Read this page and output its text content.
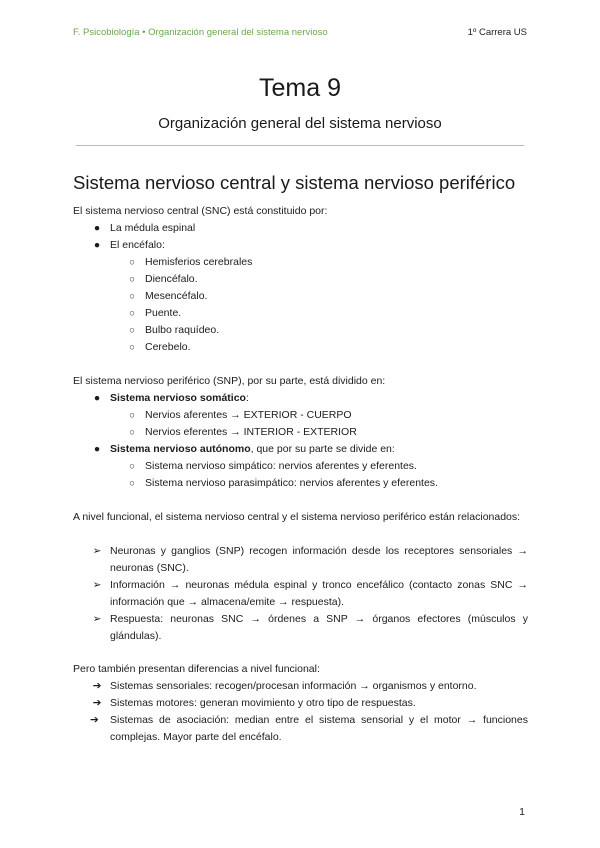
F. Psicobiología • Organización general del sistema nervioso	1º Carrera US
Tema 9
Organización general del sistema nervioso
Sistema nervioso central y sistema nervioso periférico
El sistema nervioso central (SNC) está constituido por:
● La médula espinal
● El encéfalo:
○ Hemisferios cerebrales
○ Diencéfalo.
○ Mesencéfalo.
○ Puente.
○ Bulbo raquídeo.
○ Cerebelo.
El sistema nervioso periférico (SNP), por su parte, está dividido en:
● Sistema nervioso somático:
○ Nervios aferentes → EXTERIOR - CUERPO
○ Nervios eferentes → INTERIOR - EXTERIOR
● Sistema nervioso autónomo, que por su parte se divide en:
○ Sistema nervioso simpático: nervios aferentes y eferentes.
○ Sistema nervioso parasimpático: nervios aferentes y eferentes.
A nivel funcional, el sistema nervioso central y el sistema nervioso periférico están relacionados:
➢ Neuronas y ganglios (SNP) recogen información desde los receptores sensoriales → neuronas (SNC).
➢ Información → neuronas médula espinal y tronco encefálico (contacto zonas SNC → información que → almacena/emite → respuesta).
➢ Respuesta: neuronas SNC → órdenes a SNP → órganos efectores (músculos y glándulas).
Pero también presentan diferencias a nivel funcional:
➔ Sistemas sensoriales: recogen/procesan información → organismos y entorno.
➔ Sistemas motores: generan movimiento y otro tipo de respuestas.
➔	Sistemas de asociación: median entre el sistema sensorial y el motor → funciones complejas. Mayor parte del encéfalo.
1
